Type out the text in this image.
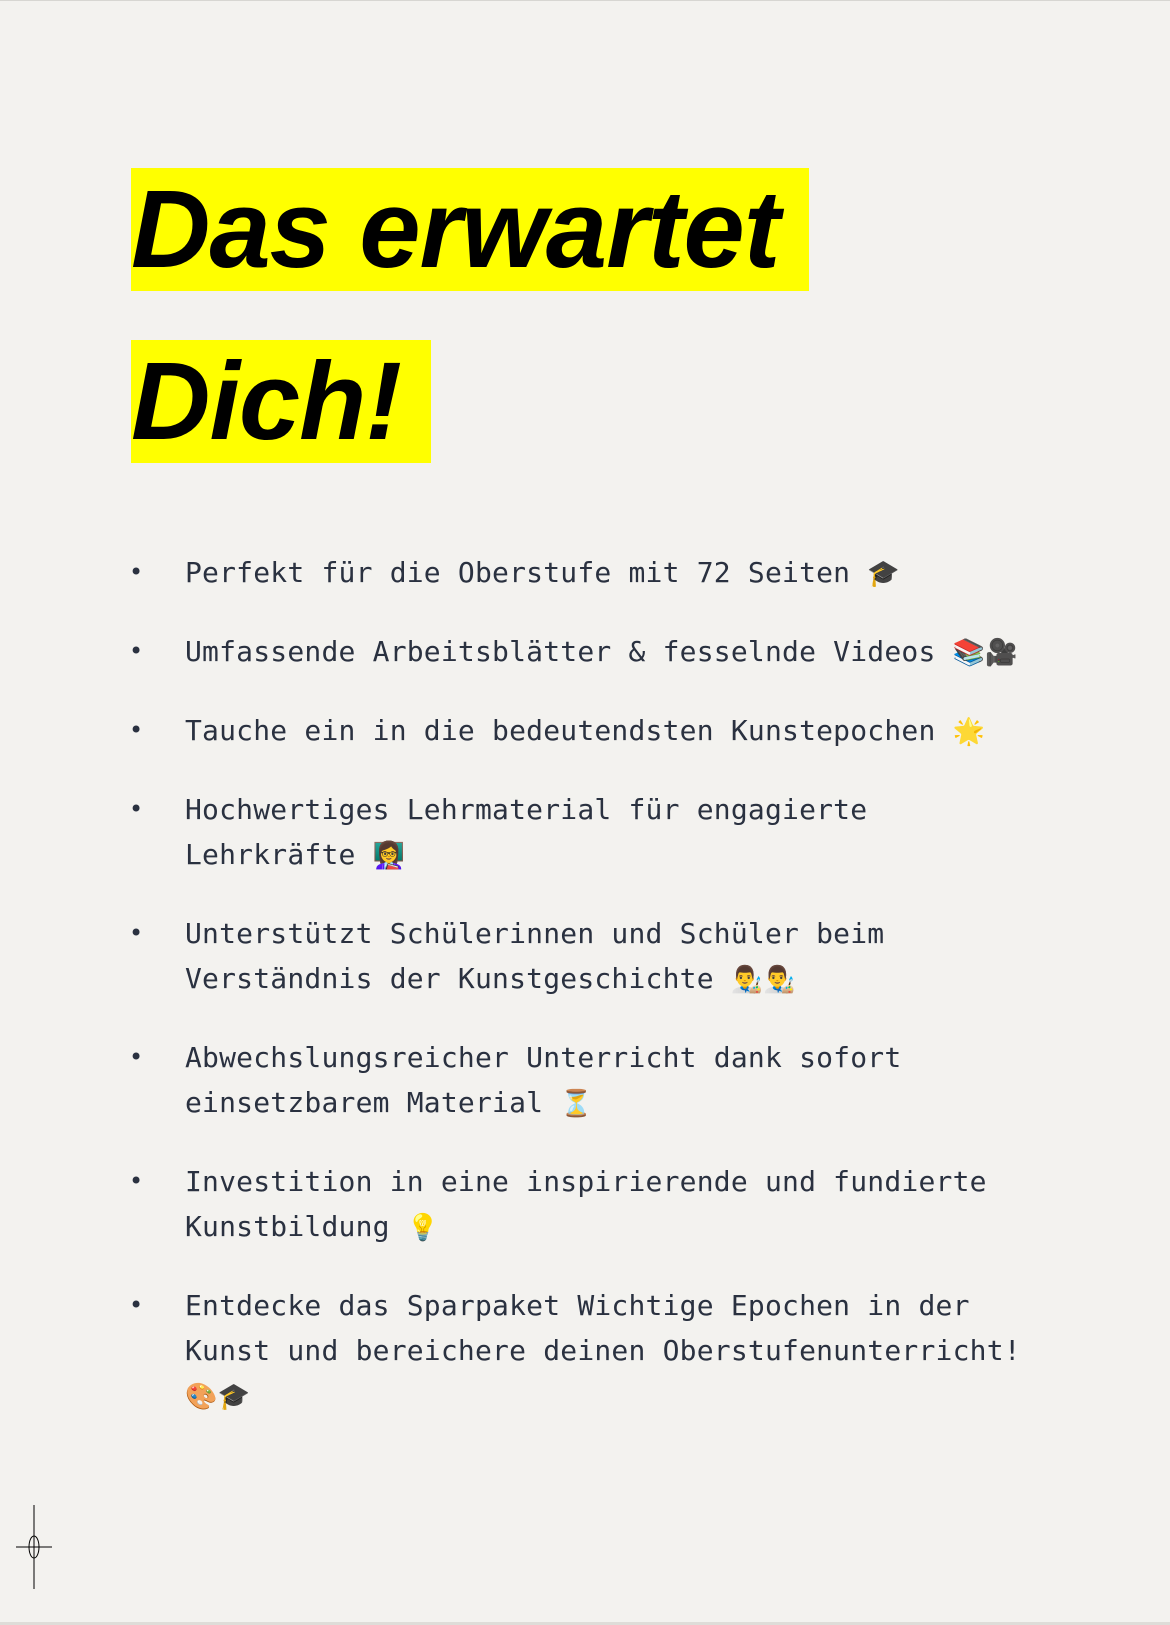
Das erwartet
Dich!
• Perfekt für die Oberstufe mit 72 Seiten 🎓
• Umfassende Arbeitsblätter & fesselnde Videos 📚🎥
• Tauche ein in die bedeutendsten Kunstepochen 🌟
• Hochwertiges Lehrmaterial für engagierte Lehrkräfte 👩‍🏫
• Unterstützt Schülerinnen und Schüler beim Verständnis der Kunstgeschichte 👨‍🎨👨‍🎨
• Abwechslungsreicher Unterricht dank sofort einsetzbarem Material ⏳
• Investition in eine inspirierende und fundierte Kunstbildung 💡
• Entdecke das Sparpaket Wichtige Epochen in der Kunst und bereichere deinen Oberstufenunterricht! 🎨🎓
